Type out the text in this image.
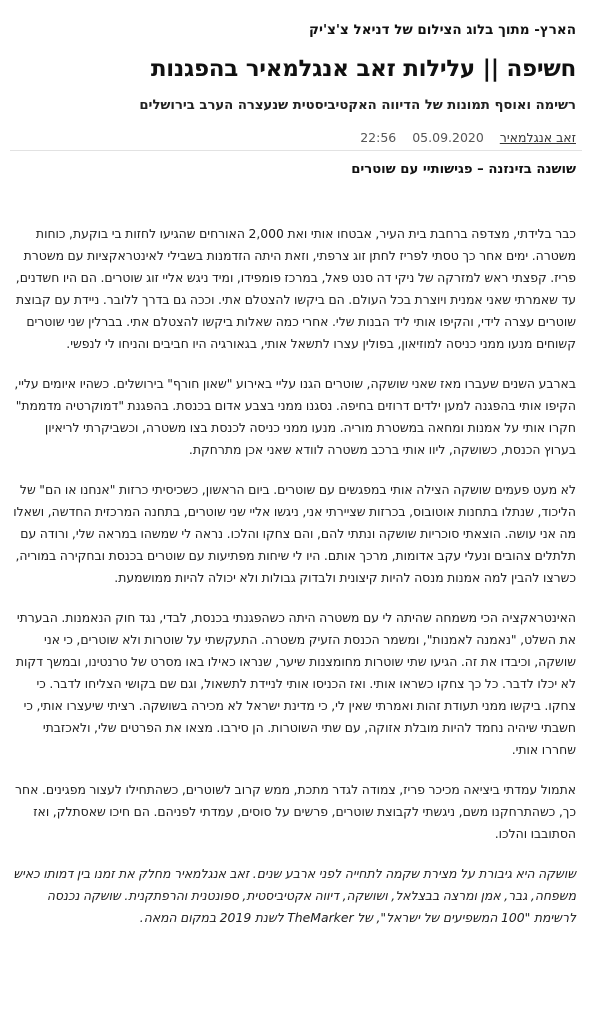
הארץ- מתוך בלוג הצילום של דניאל צ'צ'יק
חשיפה || עלילות זאב אנגלמאיר בהפגנות
רשימה ואוסף תמונות של הדיווה האקטיביסטית שנעצרה הערב בירושלים
זאב אנגלמאיר 05.09.2020 22:56
שושנה בזינזנה – פגישותיי עם שוטרים

כבר בלידתי, מצדפה ברחבת בית העיר, אבטחו אותי ואת 2,000 האורחים שהגיעו לחזות בי בוקעת, כוחות משטרה. ימים אחר כך טסתי לפריז לחתן זוג צרפתי, וזאת היתה הזדמנות בשבילי לאינטראקציות עם משטרת פריז. קפצתי ראש למזרקה של ניקי דה סנט פאל, במרכז פומפידו, ומיד ניגש אליי זוג שוטרים. הם היו חשדנים, עד שאמרתי שאני אמנית ויוצרת בכל העולם. הם ביקשו להצטלם אתי. וככה גם בדרך ללובר. ניידת עם קבוצת שוטרים עצרה לידי, והקיפו אותי ליד הבנות שלי. אחרי כמה שאלות ביקשו להצטלם אתי. בברלין שני שוטרים קשוחים מנעו ממני כניסה למוזיאון, בפולין עצרו לתשאל אותי, בגאורגיה היו חביבים והניחו לי לנפשי.

בארבע השנים שעברו מאז שאני שושקה, שוטרים הגנו עליי באירוע "שאון חורף" בירושלים. כשהיו איומים עליי, הקיפו אותי בהפגנה למען ילדים דרוזים בחיפה. נסגנו ממני בצבע אדום בכנסת. בהפגנת "דמוקרטיה מדממת" חקרו אותי על אמנות ומחאה במשטרת מוריה. מנעו ממני כניסה לכנסת בצו משטרה, וכשביקרתי לריאיון בערוץ הכנסת, כשושקה, ליוו אותי ברכב משטרה לוודא שאני אכן מתרחקת.

לא מעט פעמים שושקה הצילה אותי במפגשים עם שוטרים. ביום הראשון, כשכיסיתי כרזות "אנחנו או הם" של הליכוד, שנתלו בתחנות אוטובוס, בכרזות שציירתי אני, ניגשו אליי שני שוטרים, בתחנה המרכזית החדשה, ושאלו מה אני עושה. הוצאתי סוכריות שושקה ונתתי להם, והם צחקו והלכו. נראה לי שמשהו במראה שלי, ורודה עם תלתלים צהובים ונעלי עקב אדומות, מרכך אותם. היו לי שיחות מפתיעות עם שוטרים בכנסת ובחקירה במוריה, כשרצו להבין למה אמנות מנסה להיות קיצונית ולבדוק גבולות ולא יכולה להיות ממושמעת.

האינטראקציה הכי משמחה שהיתה לי עם משטרה היתה כשהפגנתי בכנסת, לבדי, נגד חוק הנאמנות. הבערתי את השלט, "נאמנה לאמנות", ומשמר הכנסת הזעיק משטרה. התעקשתי על שוטרות ולא שוטרים, כי אני שושקה, וכיבדו את זה. הגיעו שתי שוטרות מחומצנות שיער, שנראו כאילו באו מסרט של טרנטינו, ובמשך דקות לא יכלו לדבר. כל כך צחקו כשראו אותי. ואז הכניסו אותי לניידת לתשאול, וגם שם בקושי הצליחו לדבר. כי צחקו. ביקשו ממני תעודת זהות ואמרתי שאין לי, כי מדינת ישראל לא מכירה בשושקה. רציתי שיעצרו אותי, כי חשבתי שיהיה נחמד להיות מובלת אזוקה, עם שתי השוטרות. הן סירבו. מצאו את הפרטים שלי, ולאכזבתי שחררו אותי.

אתמול עמדתי ביציאה מכיכר פריז, צמודה לגדר מתכת, ממש קרוב לשוטרים, כשהתחילו לעצור מפגינים. אחר כך, כשהתרחקנו משם, ניגשתי לקבוצת שוטרים, פרשים על סוסים, עמדתי לפניהם. הם חיכו שאסתלק, ואז הסתובבו והלכו.

שושקה היא גיבורת על מצירת שקמה לתחייה לפני ארבע שנים. זאב אנגלמאיר מחלק את זמנו בין דמותו כאיש משפחה, גבר, אמן ומרצה בבצלאל, ושושקה, דיווה אקטיביסטית, ספונטנית והרפתקנית. שושקה נכנסה לרשימת "100 המשפיעים של ישראל", של TheMarker לשנת 2019 במקום המאה.
